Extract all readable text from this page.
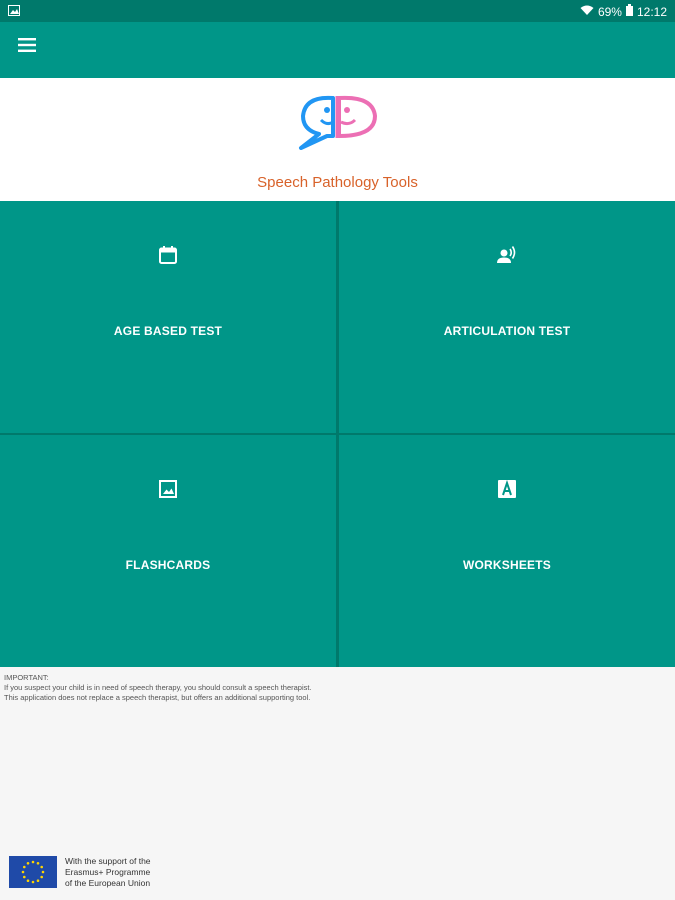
69% 12:12
Speech Pathology Tools
AGE BASED TEST	ARTICULATION TEST
FLASHCARDS	WORKSHEETS
IMPORTANT:
If you suspect your child is in need of speech therapy, you should consult a speech therapist.
This application does not replace a speech therapist, but offers an additional supporting tool.
With the support of the
Erasmus+ Programme
of the European Union
